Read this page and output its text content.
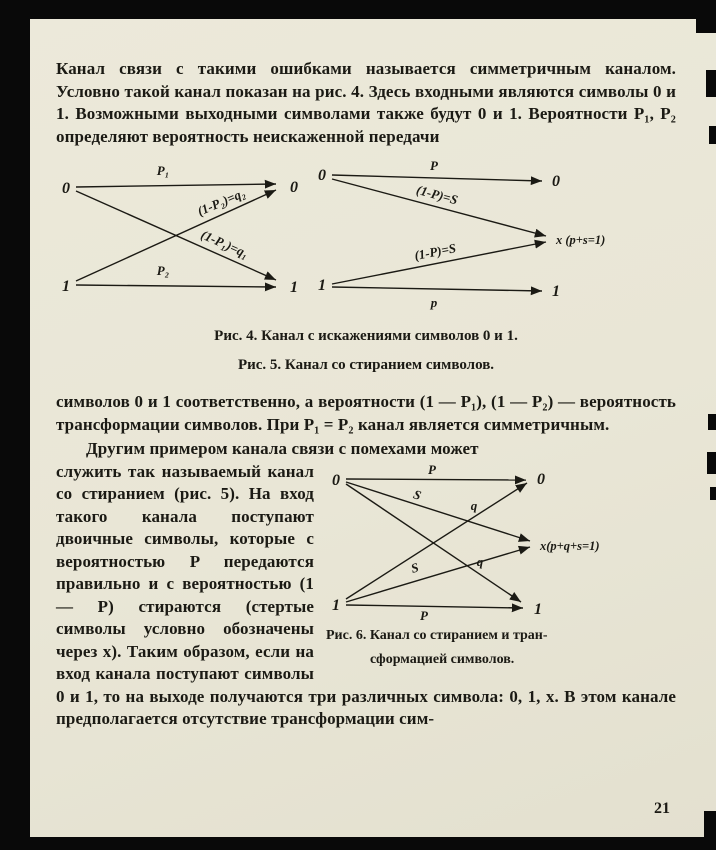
Канал связи с такими ошибками называется симметричным каналом. Условно такой канал показан на рис. 4. Здесь входными являются символы 0 и 1. Возможными выходными символами также будут 0 и 1. Вероятности P₁, P₂ определяют вероятность неискаженной передачи

0
1
0
1
P₁
P₂
(1-P₂)=q₂
(1-P₁)=q₁
0
1
0
x (p+s=1)
1
P
(1-P)=S
(1-P)=S
p

Рис. 4. Канал с искажениями символов 0 и 1.

Рис. 5. Канал со стиранием символов.

символов 0 и 1 соответственно, а вероятности (1 — P₁), (1 — P₂) — вероятность трансформации символов. При P₁ = P₂ канал является симметричным.

Другим примером канала связи с помехами может

0
1
0
x(p+q+s=1)
1
P
S
q
S	q
P

Рис. 6. Канал со стиранием и тран-

сформацией символов.

служить так называемый канал со стиранием (рис. 5). На вход такого канала поступают двоичные символы, которые с вероятностью P передаются правильно и с вероятностью (1 — P) стираются (стертые символы условно обозначены через x). Таким образом, если на вход канала поступают символы 0 и 1, то на выходе получаются три различных символа: 0, 1, x. В этом канале предполагается отсутствие трансформации сим-

21
